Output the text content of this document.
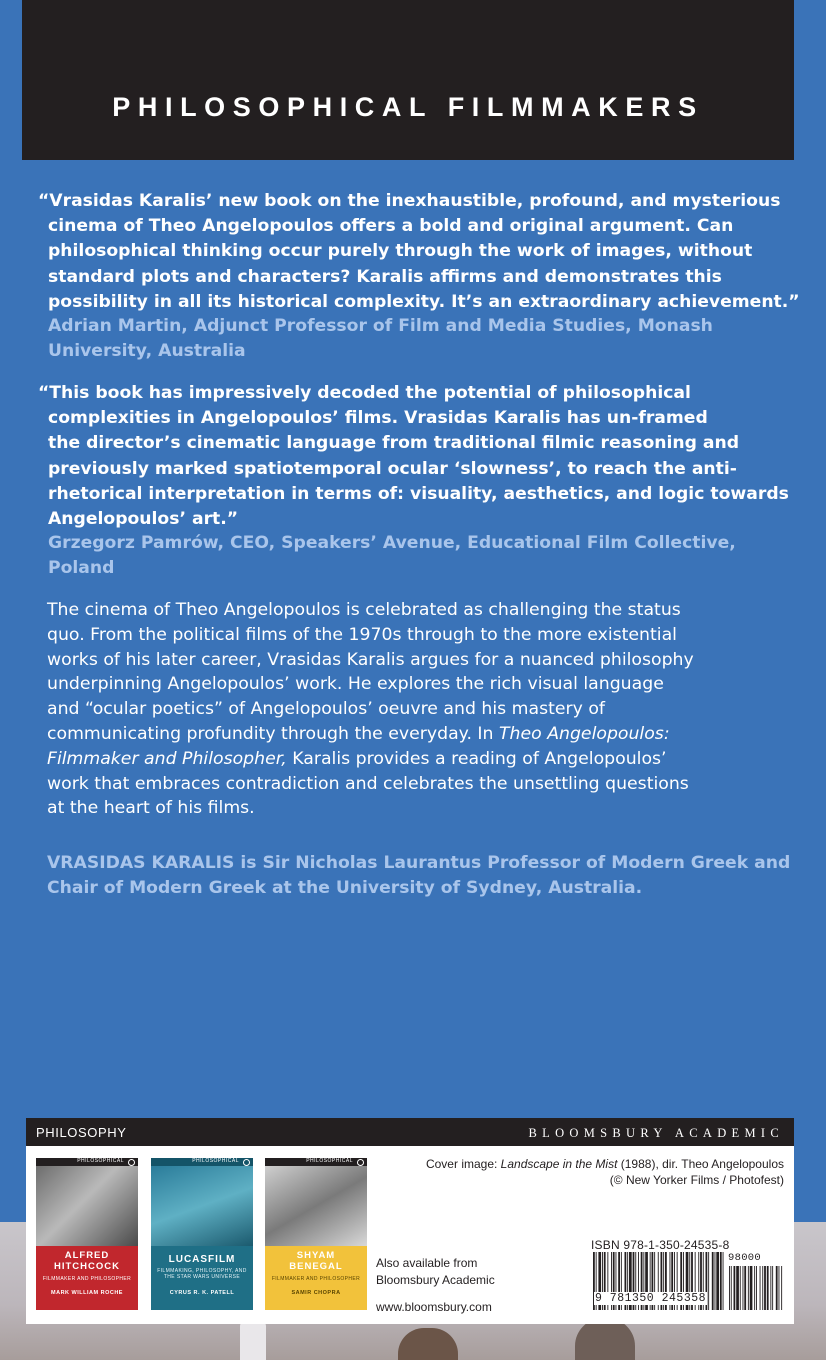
PHILOSOPHICAL FILMMAKERS
“Vrasidas Karalis’ new book on the inexhaustible, profound, and mysterious
cinema of Theo Angelopoulos offers a bold and original argument. Can
philosophical thinking occur purely through the work of images, without
standard plots and characters? Karalis affirms and demonstrates this
possibility in all its historical complexity. It’s an extraordinary achievement.”
Adrian Martin, Adjunct Professor of Film and Media Studies, Monash
University, Australia
“This book has impressively decoded the potential of philosophical
complexities in Angelopoulos’ films. Vrasidas Karalis has un-framed
the director’s cinematic language from traditional filmic reasoning and
previously marked spatiotemporal ocular ‘slowness’, to reach the anti-
rhetorical interpretation in terms of: visuality, aesthetics, and logic towards
Angelopoulos’ art.”
Grzegorz Pamrów, CEO, Speakers’ Avenue, Educational Film Collective,
Poland
The cinema of Theo Angelopoulos is celebrated as challenging the status
quo. From the political films of the 1970s through to the more existential
works of his later career, Vrasidas Karalis argues for a nuanced philosophy
underpinning Angelopoulos’ work. He explores the rich visual language
and “ocular poetics” of Angelopoulos’ oeuvre and his mastery of
communicating profundity through the everyday. In Theo Angelopoulos:
Filmmaker and Philosopher, Karalis provides a reading of Angelopoulos’
work that embraces contradiction and celebrates the unsettling questions
at the heart of his films.
VRASIDAS KARALIS is Sir Nicholas Laurantus Professor of Modern Greek and
Chair of Modern Greek at the University of Sydney, Australia.
PHILOSOPHY	BLOOMSBURY ACADEMIC
PHILOSOPHICAL
ALFRED
HITCHCOCK
FILMMAKER AND PHILOSOPHER
MARK WILLIAM ROCHE
PHILOSOPHICAL
LUCASFILM
FILMMAKING, PHILOSOPHY, AND THE STAR WARS UNIVERSE
CYRUS R. K. PATELL
PHILOSOPHICAL
SHYAM
BENEGAL
FILMMAKER AND PHILOSOPHER
SAMIR CHOPRA
Also available from
Bloomsbury Academic
www.bloomsbury.com
Cover image: Landscape in the Mist (1988), dir. Theo Angelopoulos
(© New Yorker Films / Photofest)
ISBN 978-1-350-24535-8
9 781350 245358
98000
